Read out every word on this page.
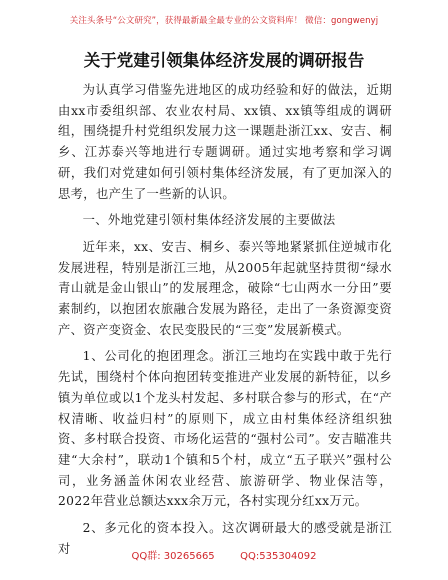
关注头条号“公文研究”，获得最新最全最专业的公文资料库！ 微信：gongwenyj
关于党建引领集体经济发展的调研报告

为认真学习借鉴先进地区的成功经验和好的做法，近期由xx市委组织部、农业农村局、xx镇、xx镇等组成的调研组，围绕提升村党组织发展力这一课题赴浙江xx、安吉、桐乡、江苏泰兴等地进行专题调研。通过实地考察和学习调研，我们对党建如何引领村集体经济发展，有了更加深入的思考，也产生了一些新的认识。

一、外地党建引领村集体经济发展的主要做法

近年来，xx、安吉、桐乡、泰兴等地紧紧抓住逆城市化发展进程，特别是浙江三地，从2005年起就坚持贯彻“绿水青山就是金山银山”的发展理念，破除“七山两水一分田”要素制约，以抱团农旅融合发展为路径，走出了一条资源变资产、资产变资金、农民变股民的“三变”发展新模式。

1、公司化的抱团理念。浙江三地均在实践中敢于先行先试，围绕村个体向抱团转变推进产业发展的新特征，以乡镇为单位或以1个龙头村发起、多村联合参与的形式，在“产权清晰、收益归村”的原则下，成立由村集体经济组织独资、多村联合投资、市场化运营的“强村公司”。安吉瞄准共建“大余村”，联动1个镇和5个村，成立“五子联兴”强村公司，业务涵盖休闲农业经营、旅游研学、物业保洁等，2022年营业总额达xxx余万元，各村实现分红xx万元。

2、多元化的资本投入。这次调研最大的感受就是浙江对

QQ群: 30265665	QQ:535304092
